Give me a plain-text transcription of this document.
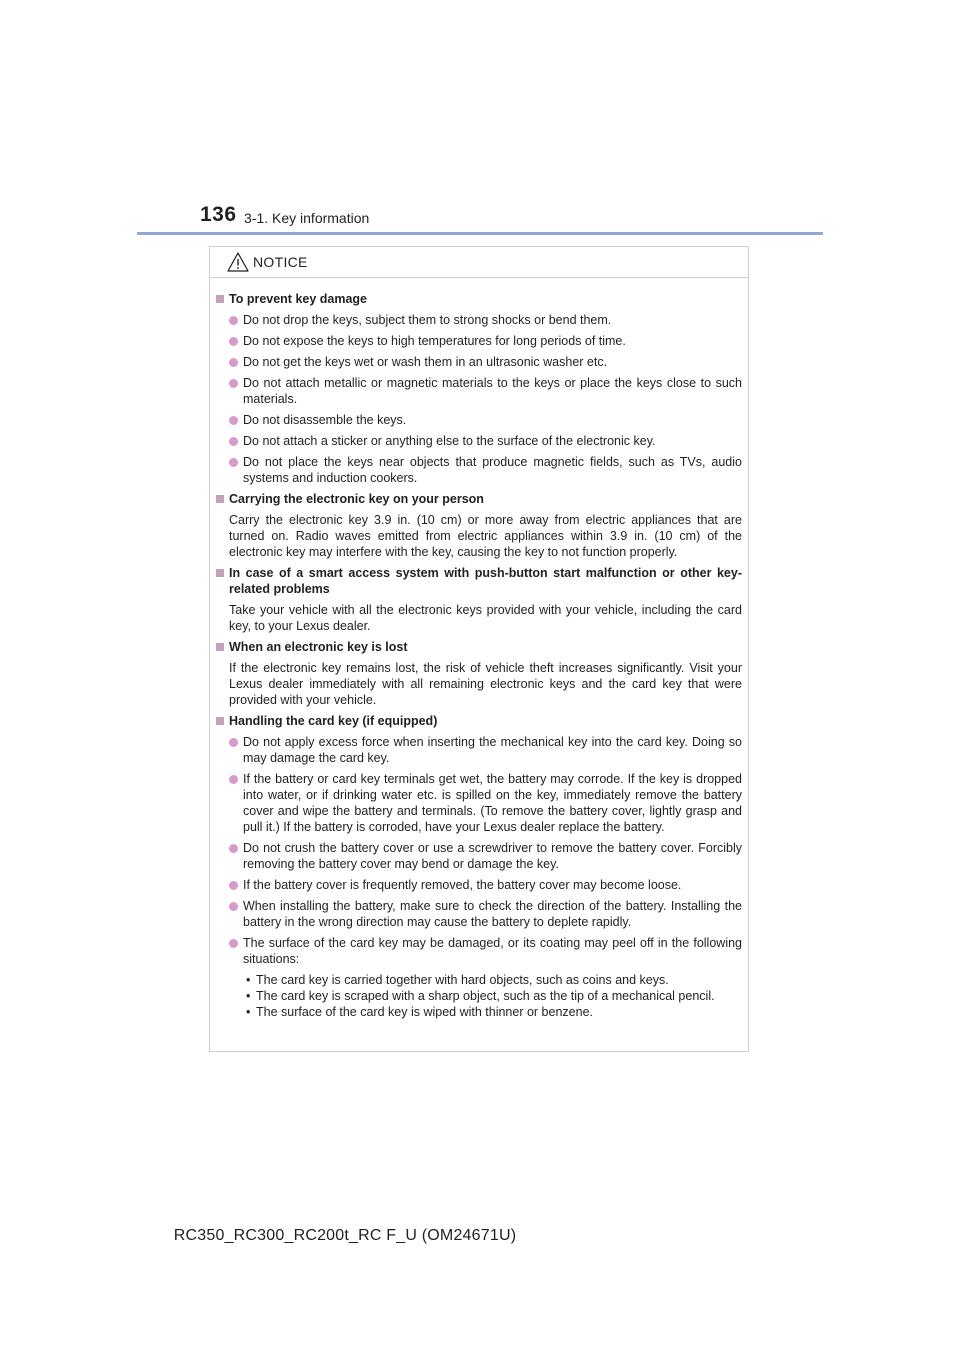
136 3-1. Key information
NOTICE
To prevent key damage
Do not drop the keys, subject them to strong shocks or bend them.
Do not expose the keys to high temperatures for long periods of time.
Do not get the keys wet or wash them in an ultrasonic washer etc.
Do not attach metallic or magnetic materials to the keys or place the keys close to such materials.
Do not disassemble the keys.
Do not attach a sticker or anything else to the surface of the electronic key.
Do not place the keys near objects that produce magnetic fields, such as TVs, audio systems and induction cookers.
Carrying the electronic key on your person
Carry the electronic key 3.9 in. (10 cm) or more away from electric appliances that are turned on. Radio waves emitted from electric appliances within 3.9 in. (10 cm) of the electronic key may interfere with the key, causing the key to not function properly.
In case of a smart access system with push-button start malfunction or other key-related problems
Take your vehicle with all the electronic keys provided with your vehicle, including the card key, to your Lexus dealer.
When an electronic key is lost
If the electronic key remains lost, the risk of vehicle theft increases significantly. Visit your Lexus dealer immediately with all remaining electronic keys and the card key that were provided with your vehicle.
Handling the card key (if equipped)
Do not apply excess force when inserting the mechanical key into the card key. Doing so may damage the card key.
If the battery or card key terminals get wet, the battery may corrode. If the key is dropped into water, or if drinking water etc. is spilled on the key, immediately remove the battery cover and wipe the battery and terminals. (To remove the battery cover, lightly grasp and pull it.) If the battery is corroded, have your Lexus dealer replace the battery.
Do not crush the battery cover or use a screwdriver to remove the battery cover. Forcibly removing the battery cover may bend or damage the key.
If the battery cover is frequently removed, the battery cover may become loose.
When installing the battery, make sure to check the direction of the battery. Installing the battery in the wrong direction may cause the battery to deplete rapidly.
The surface of the card key may be damaged, or its coating may peel off in the following situations:
• The card key is carried together with hard objects, such as coins and keys.
• The card key is scraped with a sharp object, such as the tip of a mechanical pencil.
• The surface of the card key is wiped with thinner or benzene.
RC350_RC300_RC200t_RC F_U (OM24671U)
